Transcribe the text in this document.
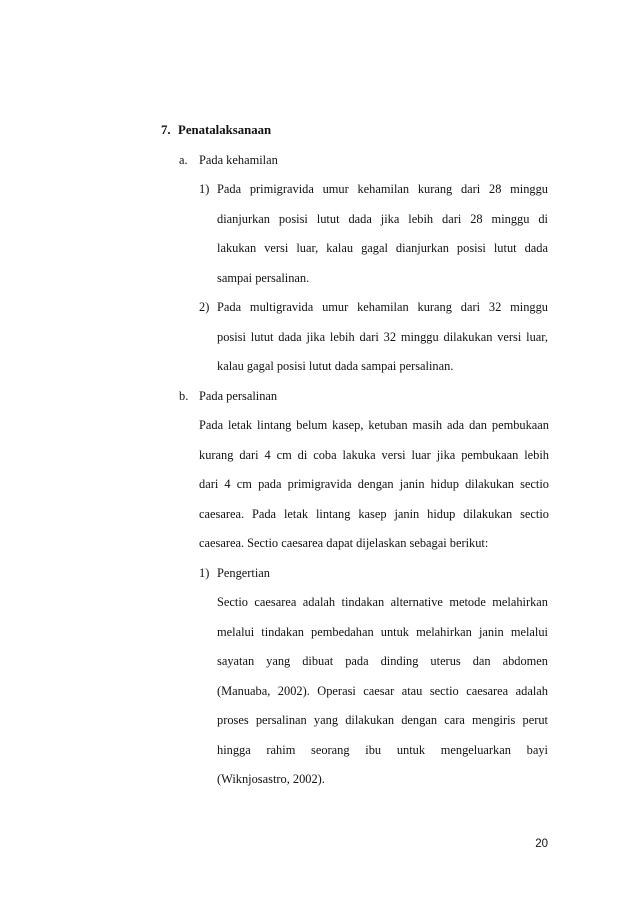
7. Penatalaksanaan
a. Pada kehamilan
1) Pada primigravida umur kehamilan kurang dari 28 minggu
dianjurkan posisi lutut dada jika lebih dari 28 minggu di
lakukan versi luar, kalau gagal dianjurkan posisi lutut dada
sampai persalinan.
2) Pada multigravida umur kehamilan kurang dari 32 minggu
posisi lutut dada jika lebih dari 32 minggu dilakukan versi luar,
kalau gagal posisi lutut dada sampai persalinan.
b. Pada persalinan
Pada letak lintang belum kasep, ketuban masih ada dan pembukaan
kurang dari 4 cm di coba lakuka versi luar jika pembukaan lebih
dari 4 cm pada primigravida dengan janin hidup dilakukan sectio
caesarea. Pada letak lintang kasep janin hidup dilakukan sectio
caesarea. Sectio caesarea dapat dijelaskan sebagai berikut:
1) Pengertian
Sectio caesarea adalah tindakan alternative metode melahirkan
melalui tindakan pembedahan untuk melahirkan janin melalui
sayatan yang dibuat pada dinding uterus dan abdomen
(Manuaba, 2002). Operasi caesar atau sectio caesarea adalah
proses persalinan yang dilakukan dengan cara mengiris perut
hingga rahim seorang ibu untuk mengeluarkan bayi
(Wiknjosastro, 2002).
20
